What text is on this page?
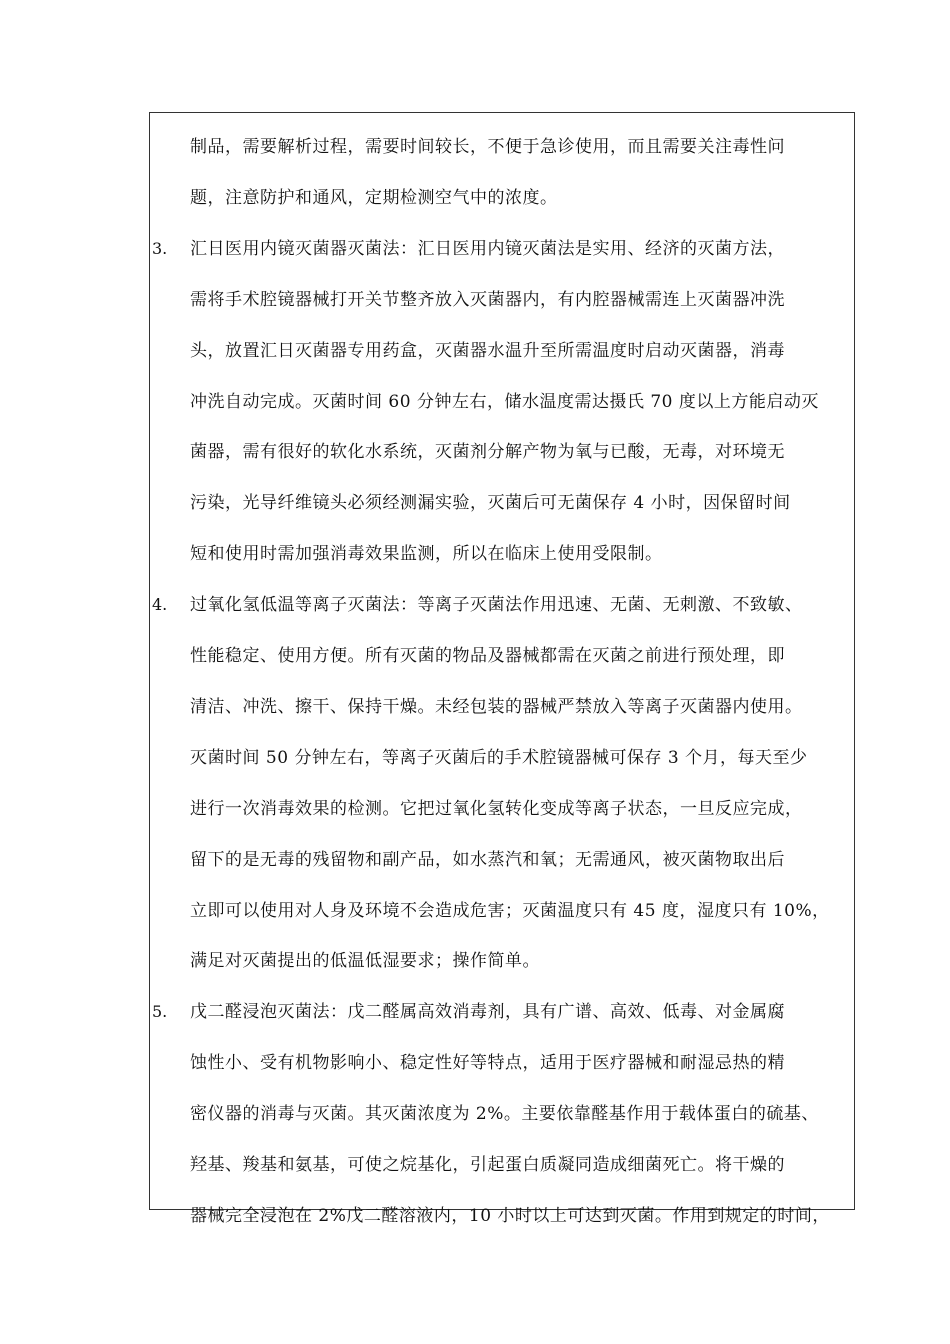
制品，需要解析过程，需要时间较长，不便于急诊使用，而且需要关注毒性问
题，注意防护和通风，定期检测空气中的浓度。
3. 汇日医用内镜灭菌器灭菌法：汇日医用内镜灭菌法是实用、经济的灭菌方法，
需将手术腔镜器械打开关节整齐放入灭菌器内，有内腔器械需连上灭菌器冲洗
头，放置汇日灭菌器专用药盒，灭菌器水温升至所需温度时启动灭菌器，消毒
冲洗自动完成。灭菌时间 60 分钟左右，储水温度需达摄氏 70 度以上方能启动灭
菌器，需有很好的软化水系统，灭菌剂分解产物为氧与已酸，无毒，对环境无
污染，光导纤维镜头必须经测漏实验，灭菌后可无菌保存 4 小时，因保留时间
短和使用时需加强消毒效果监测，所以在临床上使用受限制。
4. 过氧化氢低温等离子灭菌法：等离子灭菌法作用迅速、无菌、无刺激、不致敏、
性能稳定、使用方便。所有灭菌的物品及器械都需在灭菌之前进行预处理，即
清洁、冲洗、擦干、保持干燥。未经包装的器械严禁放入等离子灭菌器内使用。
灭菌时间 50 分钟左右，等离子灭菌后的手术腔镜器械可保存 3 个月，每天至少
进行一次消毒效果的检测。它把过氧化氢转化变成等离子状态，一旦反应完成，
留下的是无毒的残留物和副产品，如水蒸汽和氧；无需通风，被灭菌物取出后
立即可以使用对人身及环境不会造成危害；灭菌温度只有 45 度，湿度只有 10%，
满足对灭菌提出的低温低湿要求；操作简单。
5. 戊二醛浸泡灭菌法：戊二醛属高效消毒剂，具有广谱、高效、低毒、对金属腐
蚀性小、受有机物影响小、稳定性好等特点，适用于医疗器械和耐湿忌热的精
密仪器的消毒与灭菌。其灭菌浓度为 2%。主要依靠醛基作用于载体蛋白的硫基、
羟基、羧基和氨基，可使之烷基化，引起蛋白质凝同造成细菌死亡。将干燥的
器械完全浸泡在 2%戊二醛溶液内，10 小时以上可达到灭菌。作用到规定的时间，
